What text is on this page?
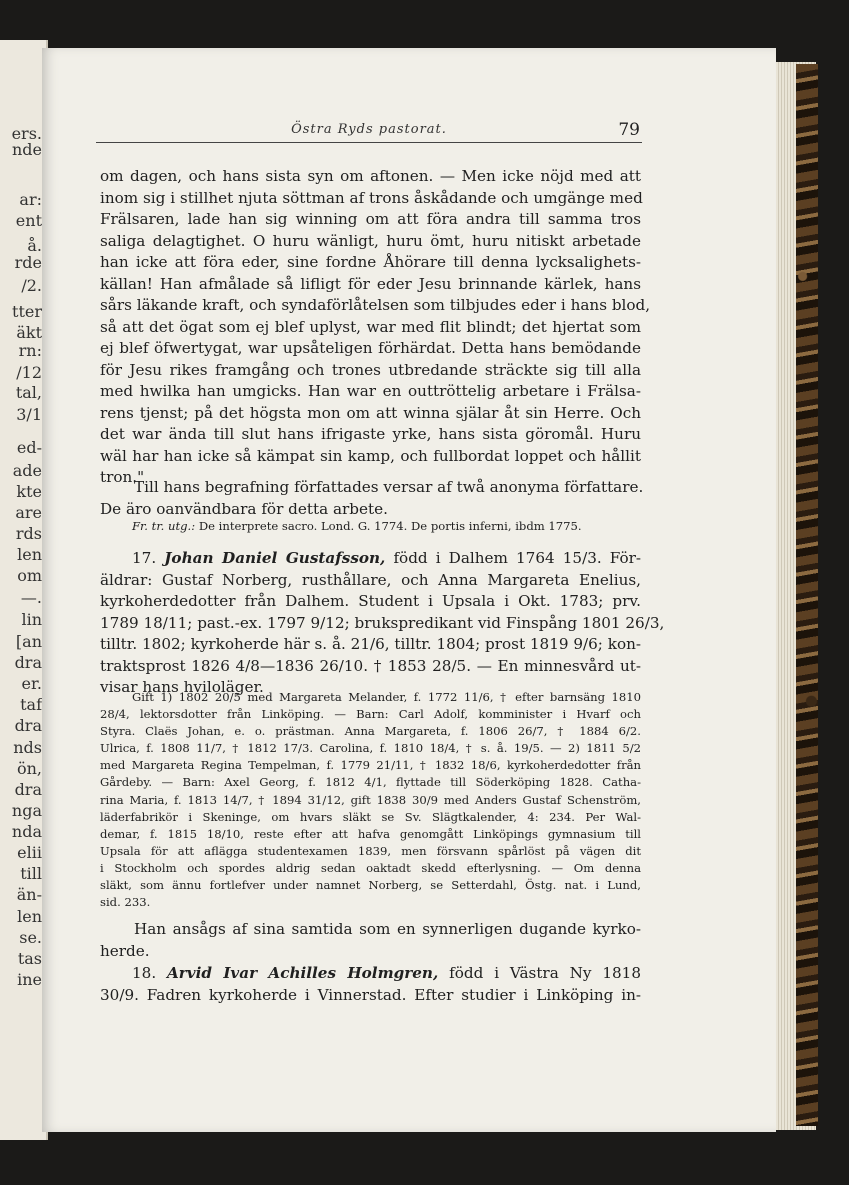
ers.
nde
ar:
ent
å.
rde
/2.
tter
äkt
rn:
/12
tal,
3/1
ed-
ade
kte
are
rds
len
om
—.
lin
[an
dra
er.
taf
dra
nds
ön,
dra
nga
nda
elii
till
än-
len
se.
tas
ine
Östra Ryds pastorat.	79
om dagen, och hans sista syn om aftonen. — Men icke nöjd med att
inom sig i stillhet njuta söttman af trons åskådande och umgänge med
Frälsaren, lade han sig winning om att föra andra till samma tros
saliga delagtighet. O huru wänligt, huru ömt, huru nitiskt arbetade
han icke att föra eder, sine fordne Åhörare till denna lycksalighets-
källan! Han afmålade så lifligt för eder Jesu brinnande kärlek, hans
sårs läkande kraft, och syndaförlåtelsen som tilbjudes eder i hans blod,
så att det ögat som ej blef uplyst, war med flit blindt; det hjertat som
ej blef öfwertygat, war upsåteligen förhärdat. Detta hans bemödande
för Jesu rikes framgång och trones utbredande sträckte sig till alla
med hwilka han umgicks. Han war en outtröttelig arbetare i Frälsa-
rens tjenst; på det högsta mon om att winna själar åt sin Herre. Och
det war ända till slut hans ifrigaste yrke, hans sista göromål. Huru
wäl har han icke så kämpat sin kamp, och fullbordat loppet och hållit
tron."
Till hans begrafning författades versar af twå anonyma författare.
De äro oanvändbara för detta arbete.
Fr. tr. utg.: De interprete sacro. Lond. G. 1774. De portis inferni, ibdm 1775.
17. Johan Daniel Gustafsson, född i Dalhem 1764 15/3. För-
äldrar: Gustaf Norberg, rusthållare, och Anna Margareta Enelius,
kyrkoherdedotter från Dalhem. Student i Upsala i Okt. 1783; prv.
1789 18/11; past.-ex. 1797 9/12; brukspredikant vid Finspång 1801 26/3,
tilltr. 1802; kyrkoherde här s. å. 21/6, tilltr. 1804; prost 1819 9/6; kon-
traktsprost 1826 4/8—1836 26/10. † 1853 28/5. — En minnesvård ut-
visar hans hviloläger.
Gift 1) 1802 20/5 med Margareta Melander, f. 1772 11/6, † efter barnsäng 1810
28/4, lektorsdotter från Linköping. — Barn: Carl Adolf, komminister i Hvarf och
Styra. Claës Johan, e. o. prästman. Anna Margareta, f. 1806 26/7, † 1884 6/2.
Ulrica, f. 1808 11/7, † 1812 17/3. Carolina, f. 1810 18/4, † s. å. 19/5. — 2) 1811 5/2
med Margareta Regina Tempelman, f. 1779 21/11, † 1832 18/6, kyrkoherdedotter från
Gårdeby. — Barn: Axel Georg, f. 1812 4/1, flyttade till Söderköping 1828. Catha-
rina Maria, f. 1813 14/7, † 1894 31/12, gift 1838 30/9 med Anders Gustaf Schenström,
läderfabrikör i Skeninge, om hvars släkt se Sv. Slägtkalender, 4: 234. Per Wal-
demar, f. 1815 18/10, reste efter att hafva genomgått Linköpings gymnasium till
Upsala för att aflägga studentexamen 1839, men försvann spårlöst på vägen dit
i Stockholm och spordes aldrig sedan oaktadt skedd efterlysning. — Om denna
släkt, som ännu fortlefver under namnet Norberg, se Setterdahl, Östg. nat. i Lund,
sid. 233.
Han ansågs af sina samtida som en synnerligen dugande kyrko-
herde.
18. Arvid Ivar Achilles Holmgren, född i Västra Ny 1818
30/9. Fadren kyrkoherde i Vinnerstad. Efter studier i Linköping in-
